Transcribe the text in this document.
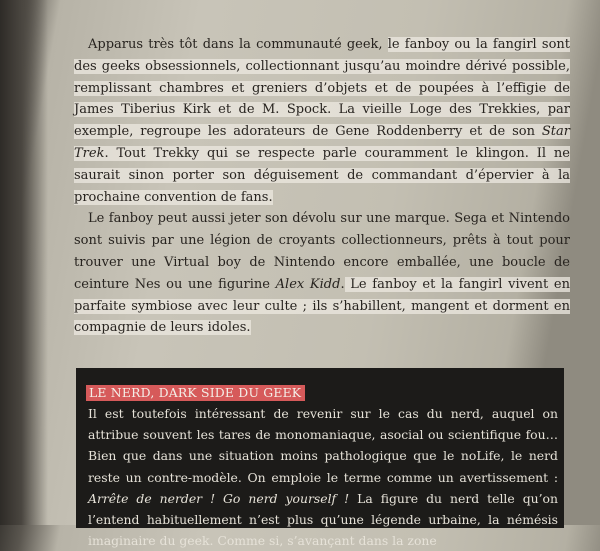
Apparus très tôt dans la communauté geek, le fanboy ou la fangirl sont des geeks obsessionnels, collectionnant jusqu’au moindre dérivé possible, remplissant chambres et greniers d’objets et de poupées à l’effigie de James Tiberius Kirk et de M. Spock. La vieille Loge des Trekkies, par exemple, regroupe les adorateurs de Gene Roddenberry et de son Star Trek. Tout Trekky qui se respecte parle couramment le klingon. Il ne saurait sinon porter son déguisement de commandant d’épervier à la prochaine convention de fans.

Le fanboy peut aussi jeter son dévolu sur une marque. Sega et Nintendo sont suivis par une légion de croyants collectionneurs, prêts à tout pour trouver une Virtual boy de Nintendo encore emballée, une boucle de ceinture Nes ou une figurine Alex Kidd. Le fanboy et la fangirl vivent en parfaite symbiose avec leur culte ; ils s’habillent, mangent et dorment en compagnie de leurs idoles.

LE NERD, DARK SIDE DU GEEK

Il est toutefois intéressant de revenir sur le cas du nerd, auquel on attribue souvent les tares de monomaniaque, asocial ou scientifique fou… Bien que dans une situation moins pathologique que le noLife, le nerd reste un contre-modèle. On emploie le terme comme un avertissement : Arrête de nerder ! Go nerd yourself ! La figure du nerd telle qu’on l’entend habituellement n’est plus qu’une légende urbaine, la némésis imaginaire du geek. Comme si, s’avançant dans la zone
